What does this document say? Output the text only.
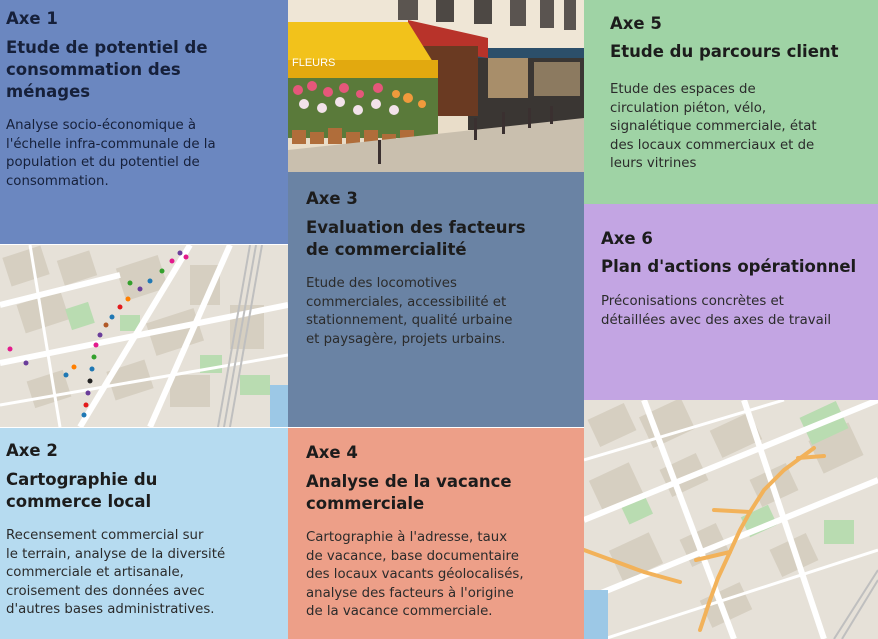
Axe 1
Etude de potentiel de
consommation des
ménages
Analyse socio-économique à
l'échelle infra-communale de la
population et du potentiel de
consommation.
FLEURS
Axe 5
Etude du parcours client
Etude des espaces de
circulation piéton, vélo,
signalétique commerciale, état
des locaux commerciaux et de
leurs vitrines
Axe 3
Evaluation des facteurs
de commercialité
Etude des locomotives
commerciales, accessibilité et
stationnement, qualité urbaine
et paysagère, projets urbains.
Axe 6
Plan d'actions opérationnel
Préconisations concrètes et
détaillées avec des axes de travail
Axe 2
Cartographie du
commerce local
Recensement commercial sur
le terrain, analyse de la diversité
commerciale et artisanale,
croisement des données avec
d'autres bases administratives.
Axe 4
Analyse de la vacance
commerciale
Cartographie à l'adresse, taux
de vacance, base documentaire
des locaux vacants géolocalisés,
analyse des facteurs à l'origine
de la vacance commerciale.
